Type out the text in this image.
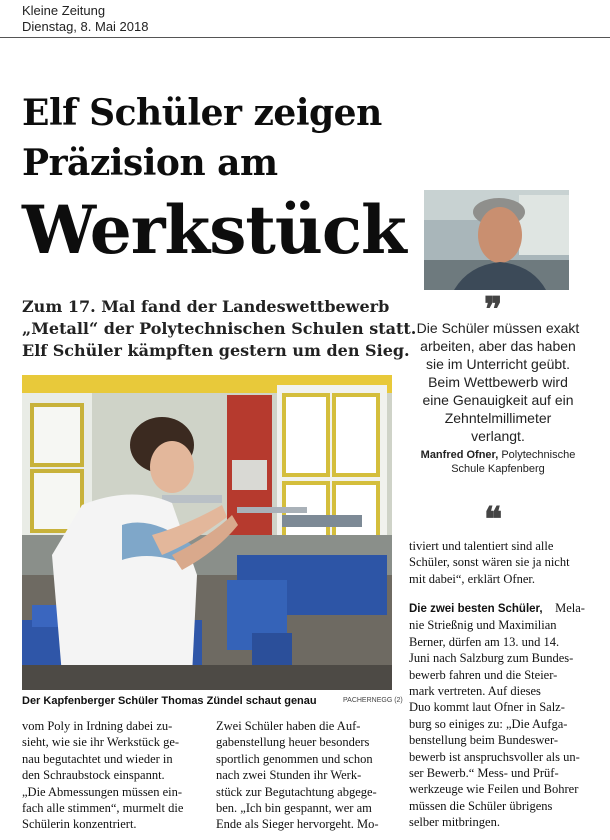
Kleine Zeitung
Dienstag, 8. Mai 2018
Elf Schüler zeigen
Präzision am
Werkstück
Zum 17. Mal fand der Landeswettbewerb
„Metall“ der Polytechnischen Schulen statt.
Elf Schüler kämpften gestern um den Sieg.
Der Kapfenberger Schüler Thomas Zündel schaut genau	PACHERNEGG (2)
❞
Die Schüler müssen exakt
arbeiten, aber das haben
sie im Unterricht geübt.
Beim Wettbewerb wird
eine Genauigkeit auf ein
Zehntelmillimeter
verlangt.
Manfred Ofner, Polytechnische
Schule Kapfenberg
❝
tiviert und talentiert sind alle
Schüler, sonst wären sie ja nicht
mit dabei“, erklärt Ofner.
Die zwei besten Schüler, Mela-
nie Strießnig und Maximilian
Berner, dürfen am 13. und 14.
Juni nach Salzburg zum Bundes-
bewerb fahren und die Steier-
mark vertreten. Auf dieses
Duo kommt laut Ofner in Salz-
burg so einiges zu: „Die Aufga-
benstellung beim Bundeswer-
bewerb ist anspruchsvoller als un-
ser Bewerb.“ Mess- und Prüf-
werkzeuge wie Feilen und Bohrer
müssen die Schüler übrigens
selber mitbringen.
vom Poly in Irdning dabei zu-
sieht, wie sie ihr Werkstück ge-
nau begutachtet und wieder in
den Schraubstock einspannt.
„Die Abmessungen müssen ein-
fach alle stimmen“, murmelt die
Schülerin konzentriert.
Zwei Schüler haben die Auf-
gabenstellung heuer besonders
sportlich genommen und schon
nach zwei Stunden ihr Werk-
stück zur Begutachtung abgege-
ben. „Ich bin gespannt, wer am
Ende als Sieger hervorgeht. Mo-
